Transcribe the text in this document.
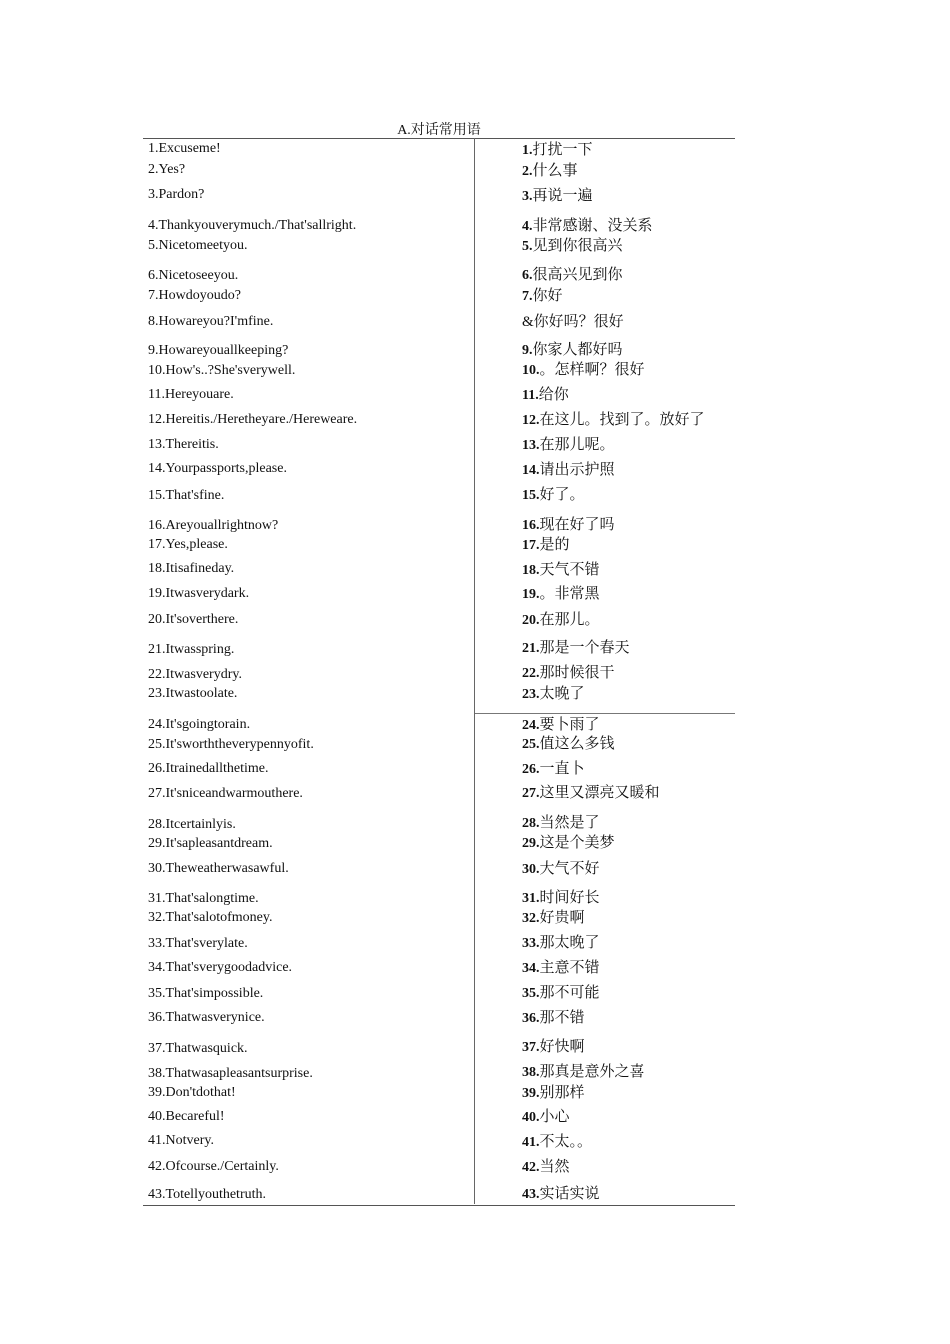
A.对话常用语
1.Excuseme!	1.打扰一下
2.Yes?	2.什么事
3.Pardon?	3.再说一遍
4.Thankyouverymuch./That'sallright.	4.非常感谢、没关系
5.Nicetomeetyou.	5.见到你很高兴
6.Nicetoseeyou.	6.很高兴见到你
7.Howdoyoudo?	7.你好
8.Howareyou?I'mfine.	&你好吗？很好
9.Howareyouallkeeping?	9.你家人都好吗
10.How's..?She'sverywell.	10.。怎样啊？很好
11.Hereyouare.	11.给你
12.Hereitis./Heretheyare./Hereweare.	12.在这儿。找到了。放好了
13.Thereitis.	13.在那儿呢。
14.Yourpassports,please.	14.请出示护照
15.That'sfine.	15.好了。
16.Areyouallrightnow?	16.现在好了吗
17.Yes,please.	17.是的
18.Itisafineday.	18.天气不错
19.Itwasverydark.	19.。非常黑
20.It'sovertherе.	20.在那儿。
21.Itwasspring.	21.那是一个春天
22.Itwasverydry.	22.那时候很干
23.Itwastoolate.	23.太晚了
24.It'sgoingtorain.	24.要卜雨了
25.It'sworththeverypennyofit.	25.值这么多钱
26.Itrainedallthetime.	26.一直卜
27.It'sniceandwarmouthere.	27.这里又漂亮又暖和
28.Itcertainlyis.	28.当然是了
29.It'sapleasantdream.	29.这是个美梦
30.Theweatherwasawful.	30.大气不好
31.That'salongtime.	31.时间好长
32.That'salotofmoney.	32.好贵啊
33.That'sverylate.	33.那太晚了
34.That'sverygoodadvice.	34.主意不错
35.That'simpossible.	35.那不可能
36.Thatwasverynice.	36.那不错
37.Thatwasquick.	37.好快啊
38.Thatwasapleasantsurprise.	38.那真是意外之喜
39.Don'tdothat!	39.别那样
40.Becareful!	40.小心
41.Notvery.	41.不太。。
42.Ofcourse./Certainly.	42.当然
43.Totellyouthetruth.	43.实话实说
